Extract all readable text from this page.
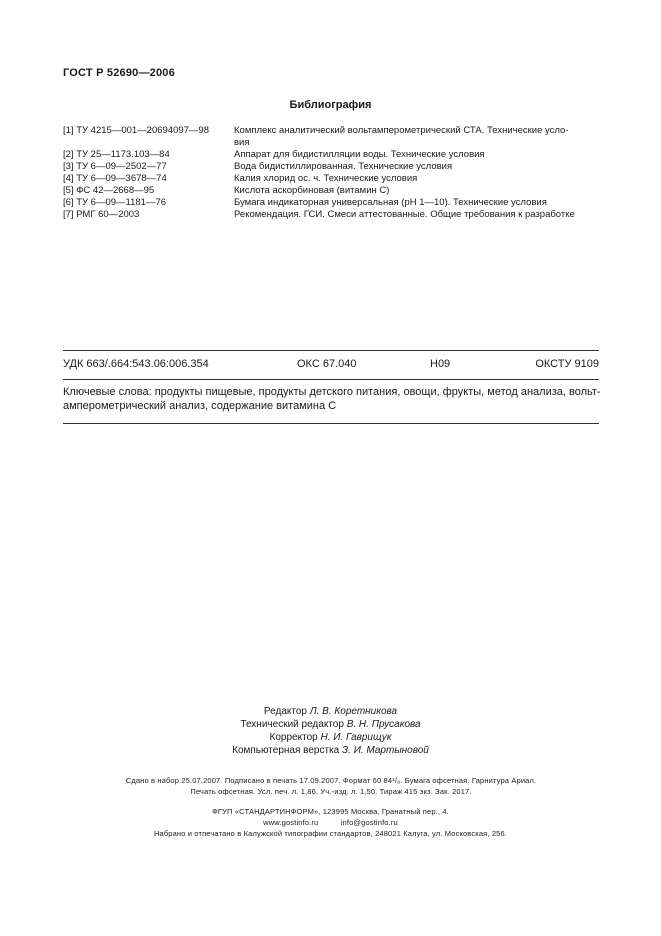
ГОСТ Р 52690—2006
Библиография
[1] ТУ 4215—001—20694097—98	Комплекс аналитический вольтамперометрический СТА. Технические усло-
вия
[2] ТУ 25—1173.103—84	Аппарат для бидистилляции воды. Технические условия
[3] ТУ 6—09—2502—77	Вода бидистиллированная. Технические условия
[4] ТУ 6—09—3678—74	Калия хлорид ос. ч. Технические условия
[5] ФС 42—2668—95	Кислота аскорбиновая (витамин С)
[6] ТУ 6—09—1181—76	Бумага индикаторная универсальная (рН 1—10). Технические условия
[7] РМГ 60—2003	Рекомендация. ГСИ. Смеси аттестованные. Общие требования к разработке
УДК 663/.664:543.06:006.354	ОКС 67.040	Н09	ОКСТУ 9109
Ключевые слова: продукты пищевые, продукты детского питания, овощи, фрукты, метод анализа, вольт-амперометрический анализ, содержание витамина С
Редактор Л. В. Коретникова
Технический редактор В. Н. Прусакова
Корректор Н. И. Гаврищук
Компьютерная верстка З. И. Мартыновой
Сдано в набор 25.07.2007. Подписано в печать 17.09.2007. Формат 60 84¹/₈. Бумага офсетная. Гарнитура Ариал.
Печать офсетная. Усл. печ. л. 1,86. Уч.-изд. л. 1,50. Тираж 415 экз. Зак. 2017.
ФГУП «СТАНДАРТИНФОРМ», 123995 Москва, Гранатный пер., 4.
www.gostinfo.ru	info@gostinfo.ru
Набрано и отпечатано в Калужской типографии стандартов, 248021 Калуга, ул. Московская, 256.
